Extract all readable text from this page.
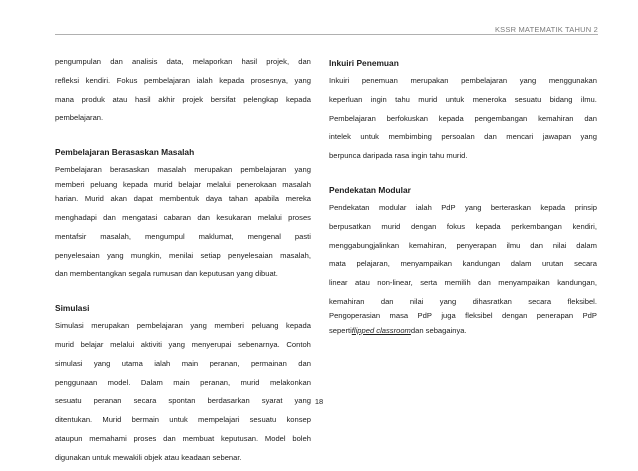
KSSR MATEMATIK TAHUN 2
pengumpulan dan analisis data, melaporkan hasil projek, dan
refleksi kendiri. Fokus pembelajaran ialah kepada prosesnya, yang
mana produk atau hasil akhir projek bersifat pelengkap kepada
pembelajaran.
Pembelajaran Berasaskan Masalah
Pembelajaran berasaskan masalah merupakan pembelajaran yang
memberi peluang kepada murid belajar melalui penerokaan masalah
harian. Murid akan dapat membentuk daya tahan apabila mereka
menghadapi dan mengatasi cabaran dan kesukaran melalui proses
mentafsir masalah, mengumpul maklumat, mengenal pasti
penyelesaian yang mungkin, menilai setiap penyelesaian masalah,
dan membentangkan segala rumusan dan keputusan yang dibuat.
Simulasi
Simulasi merupakan pembelajaran yang memberi peluang kepada
murid belajar melalui aktiviti yang menyerupai sebenarnya. Contoh
simulasi yang utama ialah main peranan, permainan dan
penggunaan model. Dalam main peranan, murid melakonkan
sesuatu peranan secara spontan berdasarkan syarat yang
ditentukan. Murid bermain untuk mempelajari sesuatu konsep
ataupun memahami proses dan membuat keputusan. Model boleh
digunakan untuk mewakili objek atau keadaan sebenar.
Inkuiri Penemuan
Inkuiri penemuan merupakan pembelajaran yang menggunakan
keperluan ingin tahu murid untuk meneroka sesuatu bidang ilmu.
Pembelajaran berfokuskan kepada pengembangan kemahiran dan
intelek untuk membimbing persoalan dan mencari jawapan yang
berpunca daripada rasa ingin tahu murid.
Pendekatan Modular
Pendekatan modular ialah PdP yang berteraskan kepada prinsip
berpusatkan murid dengan fokus kepada perkembangan kendiri,
menggabungjalinkan kemahiran, penyerapan ilmu dan nilai dalam
mata pelajaran, menyampaikan kandungan dalam urutan secara
linear atau non-linear, serta memilih dan menyampaikan kandungan,
kemahiran dan nilai yang dihasratkan secara fleksibel.
Pengoperasian masa PdP juga fleksibel dengan penerapan PdP
seperti flipped classroom dan sebagainya.
18
